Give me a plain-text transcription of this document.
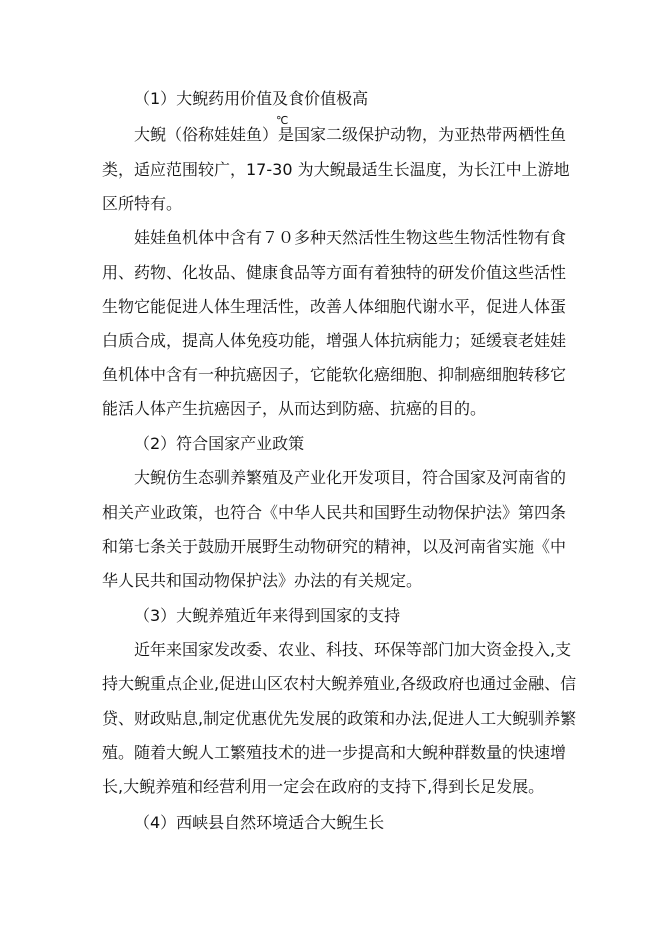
（1）大鲵药用价值及食价值极高
大鲵（俗称娃娃鱼）是国家二级保护动物，为亚热带两栖性鱼
℃
类，适应范围较广，17-30 为大鲵最适生长温度，为长江中上游地
区所特有。
娃娃鱼机体中含有７０多种天然活性生物这些生物活性物有食
用、药物、化妆品、健康食品等方面有着独特的研发价值这些活性
生物它能促进人体生理活性，改善人体细胞代谢水平，促进人体蛋
白质合成，提高人体免疫功能，增强人体抗病能力；延缓衰老娃娃
鱼机体中含有一种抗癌因子，它能软化癌细胞、抑制癌细胞转移它
能活人体产生抗癌因子，从而达到防癌、抗癌的目的。
（2）符合国家产业政策
大鲵仿生态驯养繁殖及产业化开发项目，符合国家及河南省的
相关产业政策，也符合《中华人民共和国野生动物保护法》第四条
和第七条关于鼓励开展野生动物研究的精神，以及河南省实施《中
华人民共和国动物保护法》办法的有关规定。
（3）大鲵养殖近年来得到国家的支持
近年来国家发改委、农业、科技、环保等部门加大资金投入,支
持大鲵重点企业,促进山区农村大鲵养殖业,各级政府也通过金融、信
贷、财政贴息,制定优惠优先发展的政策和办法,促进人工大鲵驯养繁
殖。随着大鲵人工繁殖技术的进一步提高和大鲵种群数量的快速增
长,大鲵养殖和经营利用一定会在政府的支持下,得到长足发展。
（4）西峡县自然环境适合大鲵生长
